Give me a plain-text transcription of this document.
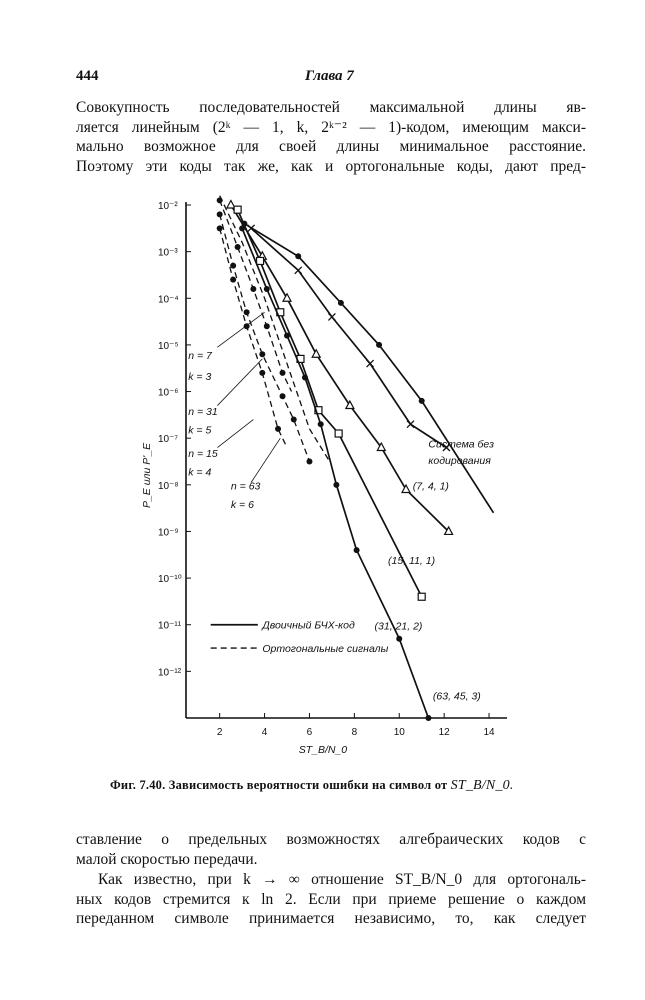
444	Глава 7

Совокупность последовательностей максимальной длины яв-
ляется линейным (2ᵏ — 1, k, 2ᵏ⁻² — 1)-кодом, имеющим макси-
мально возможное для своей длины минимальное расстояние.
Поэтому эти коды так же, как и ортогональные коды, дают пред-

10⁻²
10⁻³
10⁻⁴
10⁻⁵
10⁻⁶
10⁻⁷
10⁻⁸
10⁻⁹
10⁻¹⁰
10⁻¹¹
10⁻¹²
2	4	6	8	10	12	14
ST_B/N_0
P_E или P'_E	Система без
кодирования
(7, 4, 1)
(15, 11, 1)
(31, 21, 2)
(63, 45, 3)
n = 7
k = 3
n = 31
k = 5
n = 15
k = 4
n = 63
k = 6
Двоичный БЧХ-код
Ортогональные сигналы
Фиг. 7.40. Зависимость вероятности ошибки на символ от ST_B/N_0.

ставление о предельных возможностях алгебраических кодов с
малой скоростью передачи.

Как известно, при k → ∞ отношение ST_B/N_0 для ортогональ-
ных кодов стремится к ln 2. Если при приеме решение о каждом
переданном символе принимается независимо, то, как следует
